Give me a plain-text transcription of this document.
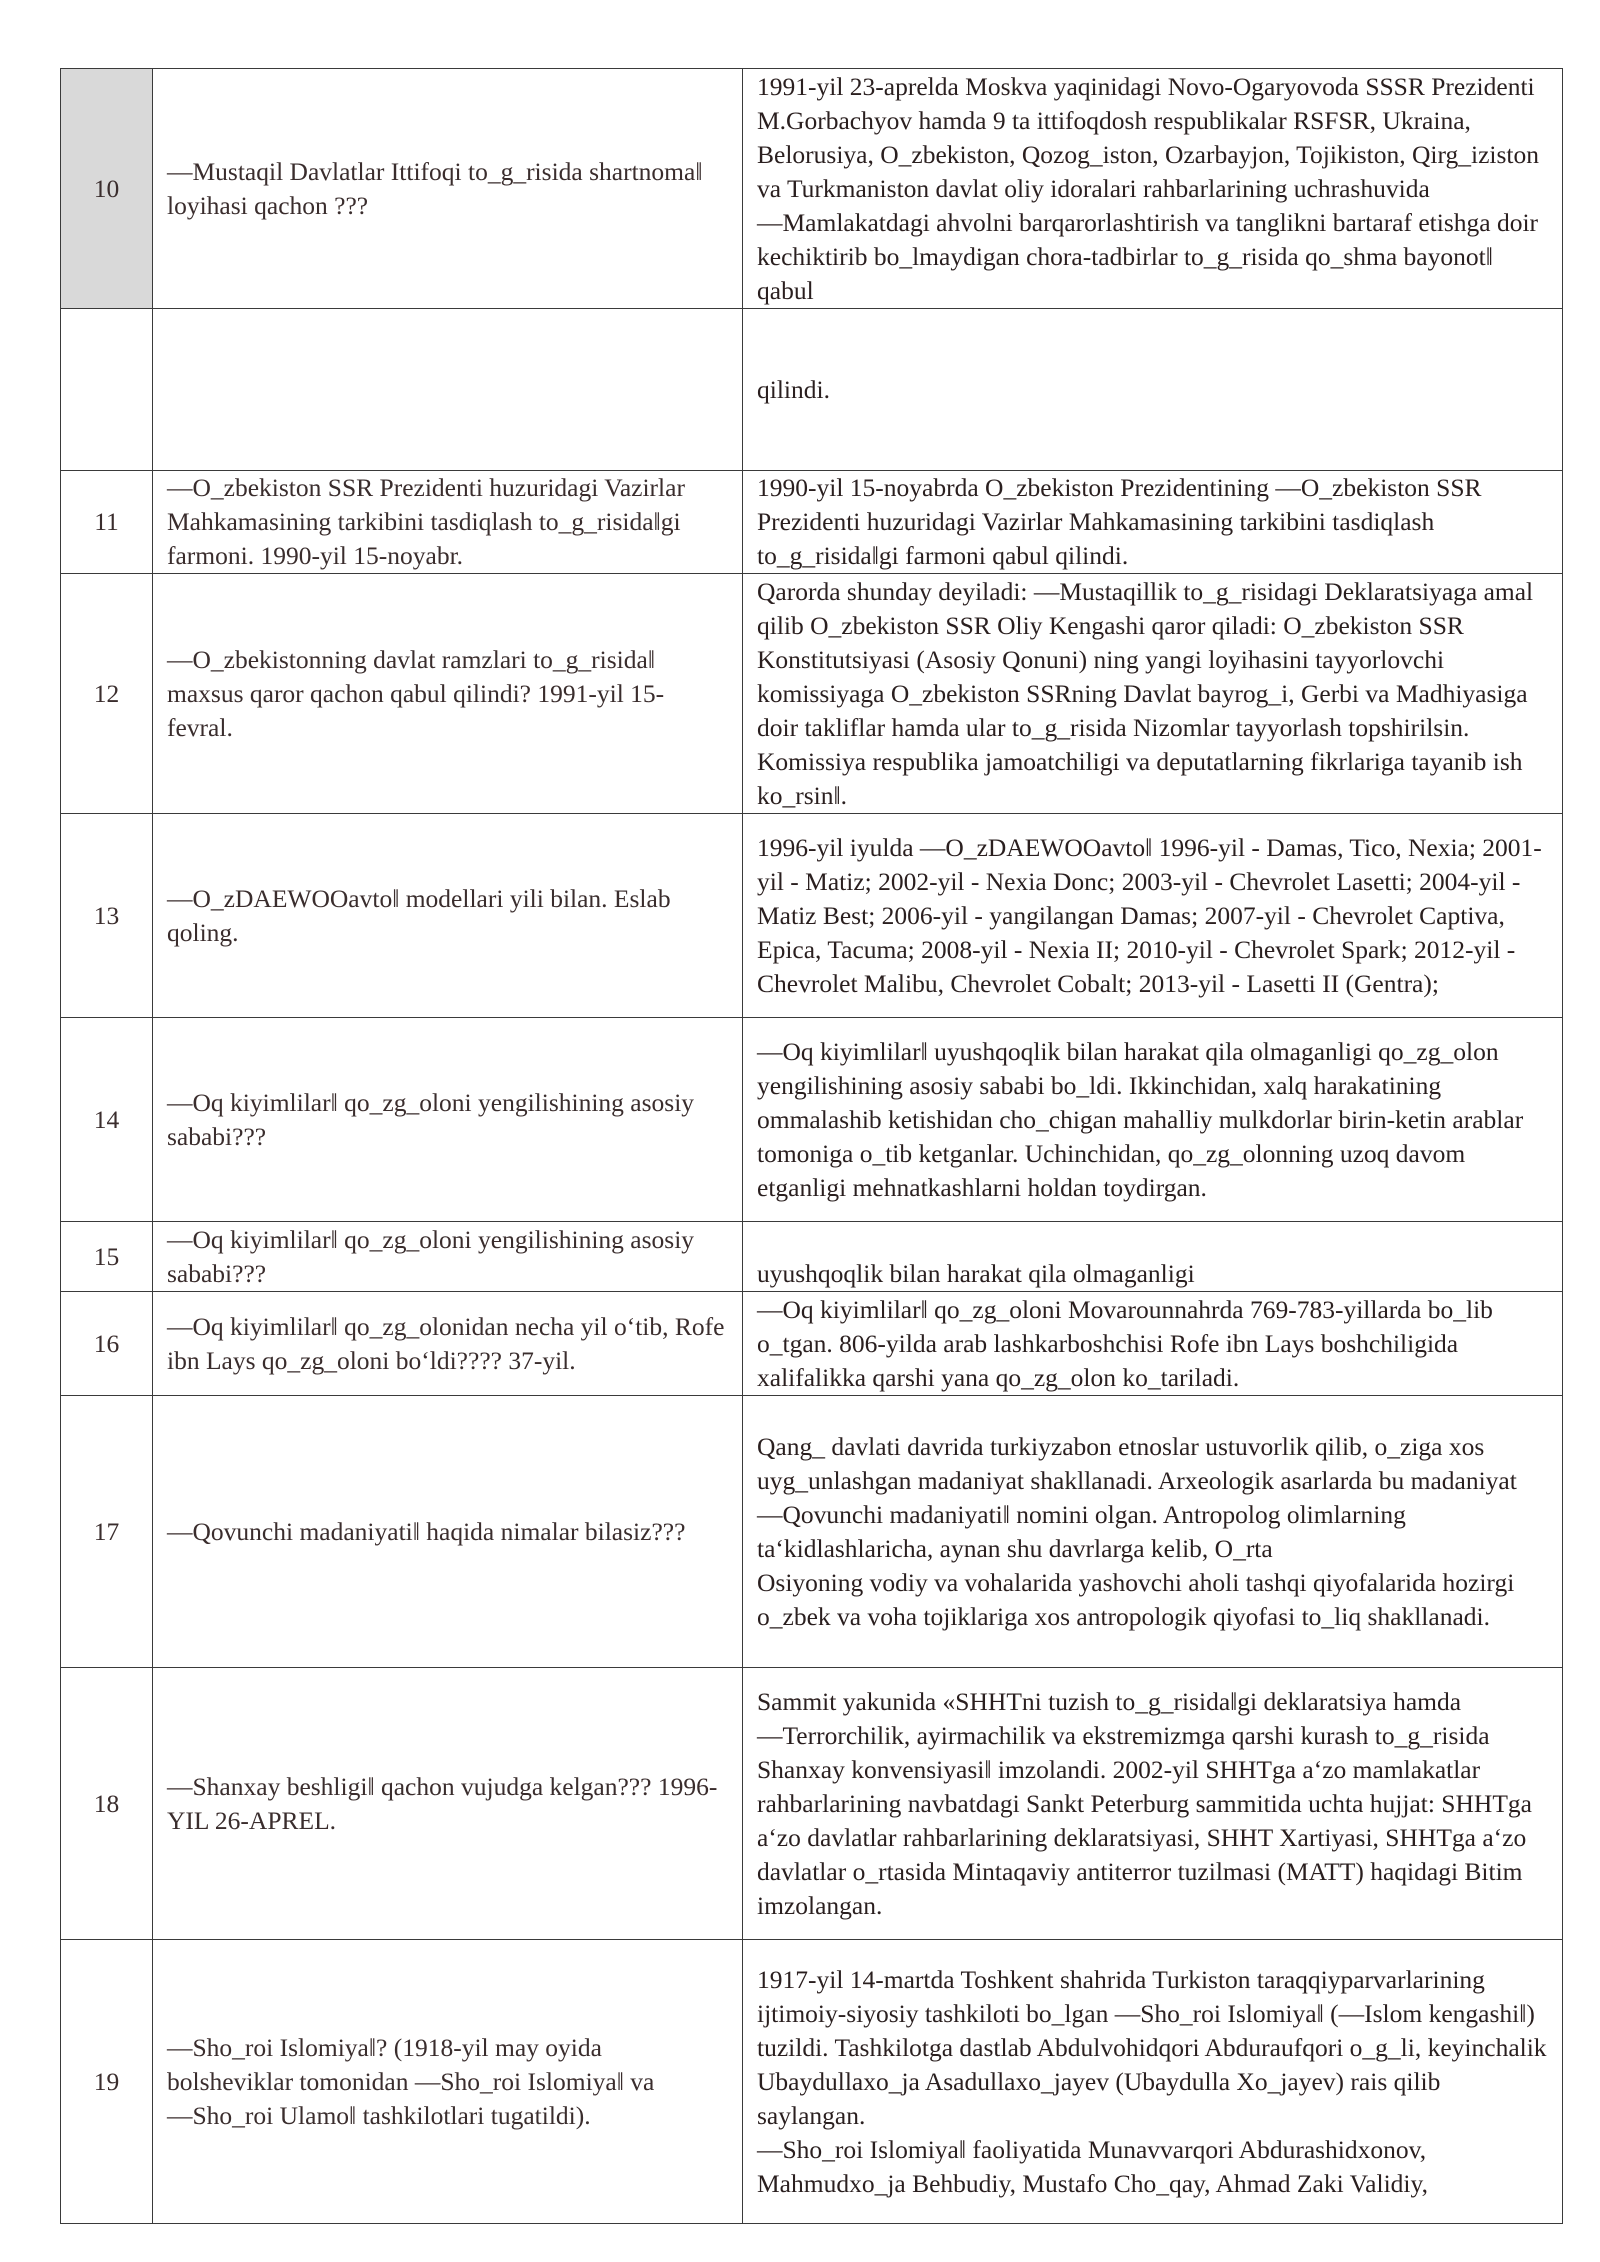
10	―Mustaqil Davlatlar Ittifoqi to_g_risida shartnoma‖ loyihasi qachon ???	1991-yil 23-aprelda Moskva yaqinidagi Novo-Ogaryovoda SSSR Prezidenti M.Gorbachyov hamda 9 ta ittifoqdosh respublikalar RSFSR, Ukraina, Belorusiya, O_zbekiston, Qozog_iston, Ozarbayjon, Tojikiston, Qirg_iziston va Turkmaniston davlat oliy idoralari rahbarlarining uchrashuvida ―Mamlakatdagi ahvolni barqarorlashtirish va tanglikni bartaraf etishga doir kechiktirib bo_lmaydigan chora-tadbirlar to_g_risida qo_shma bayonot‖ qabul
		qilindi.
11	―O_zbekiston SSR Prezidenti huzuridagi Vazirlar Mahkamasining tarkibini tasdiqlash to_g_risida‖gi farmoni. 1990-yil 15-noyabr.	1990-yil 15-noyabrda O_zbekiston Prezidentining ―O_zbekiston SSR Prezidenti huzuridagi Vazirlar Mahkamasining tarkibini tasdiqlash to_g_risida‖gi farmoni qabul qilindi.
12	―O_zbekistonning davlat ramzlari to_g_risida‖ maxsus qaror qachon qabul qilindi? 1991-yil 15-fevral.	Qarorda shunday deyiladi: ―Mustaqillik to_g_risidagi Deklaratsiyaga amal qilib O_zbekiston SSR Oliy Kengashi qaror qiladi: O_zbekiston SSR Konstitutsiyasi (Asosiy Qonuni) ning yangi loyihasini tayyorlovchi komissiyaga O_zbekiston SSRning Davlat bayrog_i, Gerbi va Madhiyasiga doir takliflar hamda ular to_g_risida Nizomlar tayyorlash topshirilsin. Komissiya respublika jamoatchiligi va deputatlarning fikrlariga tayanib ish ko_rsin‖.
13	―O_zDAEWOOavto‖ modellari yili bilan. Eslab qoling.	1996-yil iyulda ―O_zDAEWOOavto‖ 1996-yil - Damas, Tico, Nexia; 2001-yil - Matiz; 2002-yil - Nexia Donc; 2003-yil - Chevrolet Lasetti; 2004-yil - Matiz Best; 2006-yil - yangilangan Damas; 2007-yil - Chevrolet Captiva, Epica, Tacuma; 2008-yil - Nexia II; 2010-yil - Chevrolet Spark; 2012-yil - Chevrolet Malibu, Chevrolet Cobalt; 2013-yil - Lasetti II (Gentra);
14	―Oq kiyimlilar‖ qo_zg_oloni yengilishining asosiy sababi???	―Oq kiyimlilar‖ uyushqoqlik bilan harakat qila olmaganligi qo_zg_olon yengilishining asosiy sababi bo_ldi. Ikkinchidan, xalq harakatining ommalashib ketishidan cho_chigan mahalliy mulkdorlar birin-ketin arablar tomoniga o_tib ketganlar. Uchinchidan, qo_zg_olonning uzoq davom etganligi mehnatkashlarni holdan toydirgan.
15	―Oq kiyimlilar‖ qo_zg_oloni yengilishining asosiy sababi???	uyushqoqlik bilan harakat qila olmaganligi
16	―Oq kiyimlilar‖ qo_zg_olonidan necha yil o‘tib, Rofe ibn Lays qo_zg_oloni bo‘ldi???? 37-yil.	―Oq kiyimlilar‖ qo_zg_oloni Movarounnahrda 769-783-yillarda bo_lib o_tgan. 806-yilda arab lashkarboshchisi Rofe ibn Lays boshchiligida xalifalikka qarshi yana qo_zg_olon ko_tariladi.
17	―Qovunchi madaniyati‖ haqida nimalar bilasiz???	Qang_ davlati davrida turkiyzabon etnoslar ustuvorlik qilib, o_ziga xos uyg_unlashgan madaniyat shakllanadi. Arxeologik asarlarda bu madaniyat ―Qovunchi madaniyati‖ nomini olgan. Antropolog olimlarning ta‘kidlashlaricha, aynan shu davrlarga kelib, O_rta
Osiyoning vodiy va vohalarida yashovchi aholi tashqi qiyofalarida hozirgi o_zbek va voha tojiklariga xos antropologik qiyofasi to_liq shakllanadi.

18	―Shanxay beshligi‖ qachon vujudga kelgan??? 1996-YIL 26-APREL.	Sammit yakunida «SHHTni tuzish to_g_risida‖gi deklaratsiya hamda ―Terrorchilik, ayirmachilik va ekstremizmga qarshi kurash to_g_risida Shanxay konvensiyasi‖ imzolandi. 2002-yil SHHTga a‘zo mamlakatlar rahbarlarining navbatdagi Sankt Peterburg sammitida uchta hujjat: SHHTga a‘zo davlatlar rahbarlarining deklaratsiyasi, SHHT Xartiyasi, SHHTga a‘zo davlatlar o_rtasida Mintaqaviy antiterror tuzilmasi (MATT) haqidagi Bitim imzolangan.
19	―Sho_roi Islomiya‖? (1918-yil may oyida bolsheviklar tomonidan ―Sho_roi Islomiya‖ va ―Sho_roi Ulamo‖ tashkilotlari tugatildi).	1917-yil 14-martda Toshkent shahrida Turkiston taraqqiyparvarlarining ijtimoiy-siyosiy tashkiloti bo_lgan ―Sho_roi Islomiya‖ (―Islom kengashi‖) tuzildi. Tashkilotga dastlab Abdulvohidqori Abduraufqori o_g_li, keyinchalik Ubaydullaxo_ja Asadullaxo_jayev (Ubaydulla Xo_jayev) rais qilib saylangan.
―Sho_roi Islomiya‖ faoliyatida Munavvarqori Abdurashidxonov, Mahmudxo_ja Behbudiy, Mustafo Cho_qay, Ahmad Zaki Validiy,
